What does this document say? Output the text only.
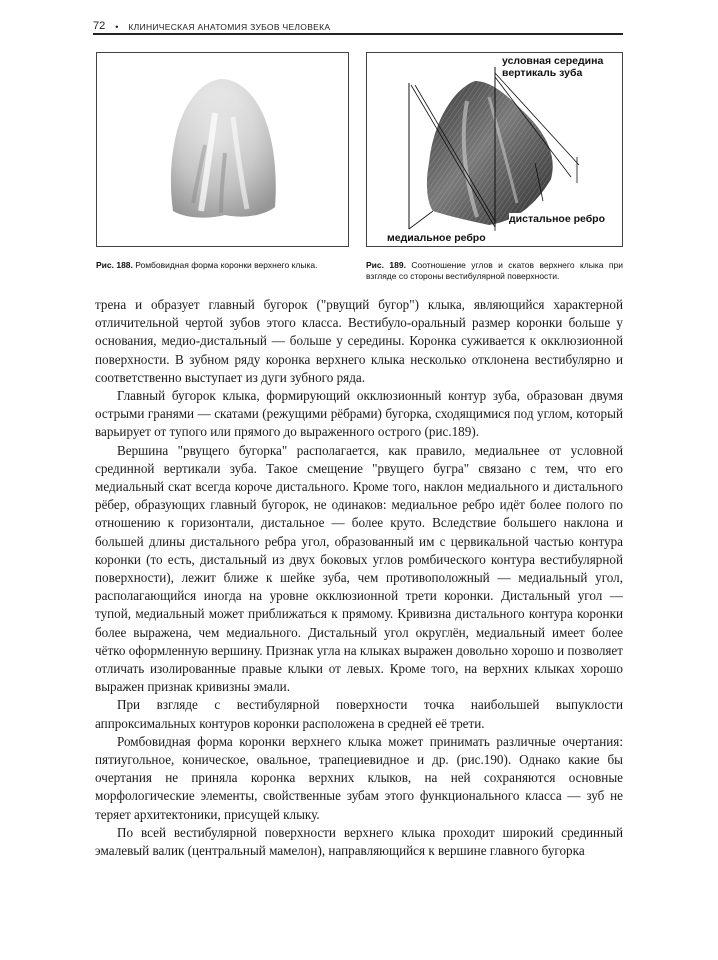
72 • КЛИНИЧЕСКАЯ АНАТОМИЯ ЗУБОВ ЧЕЛОВЕКА
условная середина
вертикаль зуба
дистальное ребро
медиальное ребро
Рис. 188. Ромбовидная форма коронки верхнего клыка.	Рис. 189. Соотношение углов и скатов верхнего клыка при взгляде со стороны вестибулярной поверхности.

трена и образует главный бугорок ("рвущий бугор") клыка, являющийся характерной отличительной чертой зубов этого класса. Вестибуло-оральный размер коронки больше у основания, медио-дистальный — больше у середины. Коронка суживается к окклюзионной поверхности. В зубном ряду коронка верхнего клыка несколько отклонена вестибулярно и соответственно выступает из дуги зубного ряда.

Главный бугорок клыка, формирующий окклюзионный контур зуба, образован двумя острыми гранями — скатами (режущими рёбрами) бугорка, сходящимися под углом, который варьирует от тупого или прямого до выраженного острого (рис.189).

Вершина "рвущего бугорка" располагается, как правило, медиальнее от условной срединной вертикали зуба. Такое смещение "рвущего бугра" связано с тем, что его медиальный скат всегда короче дистального. Кроме того, наклон медиального и дистального рёбер, образующих главный бугорок, не одинаков: медиальное ребро идёт более полого по отношению к горизонтали, дистальное — более круто. Вследствие большего наклона и большей длины дистального ребра угол, образованный им с цервикальной частью контура коронки (то есть, дистальный из двух боковых углов ромбического контура вестибулярной поверхности), лежит ближе к шейке зуба, чем противоположный — медиальный угол, располагающийся иногда на уровне окклюзионной трети коронки. Дистальный угол — тупой, медиальный может приближаться к прямому. Кривизна дистального контура коронки более выражена, чем медиального. Дистальный угол округлён, медиальный имеет более чётко оформленную вершину. Признак угла на клыках выражен довольно хорошо и позволяет отличать изолированные правые клыки от левых. Кроме того, на верхних клыках хорошо выражен признак кривизны эмали.

При взгляде с вестибулярной поверхности точка наибольшей выпуклости аппроксимальных контуров коронки расположена в средней её трети.

Ромбовидная форма коронки верхнего клыка может принимать различные очертания: пятиугольное, коническое, овальное, трапециевидное и др. (рис.190). Однако какие бы очертания не приняла коронка верхних клыков, на ней сохраняются основные морфологические элементы, свойственные зубам этого функционального класса — зуб не теряет архитектоники, присущей клыку.

По всей вестибулярной поверхности верхнего клыка проходит широкий срединный эмалевый валик (центральный мамелон), направляющийся к вершине главного бугорка
